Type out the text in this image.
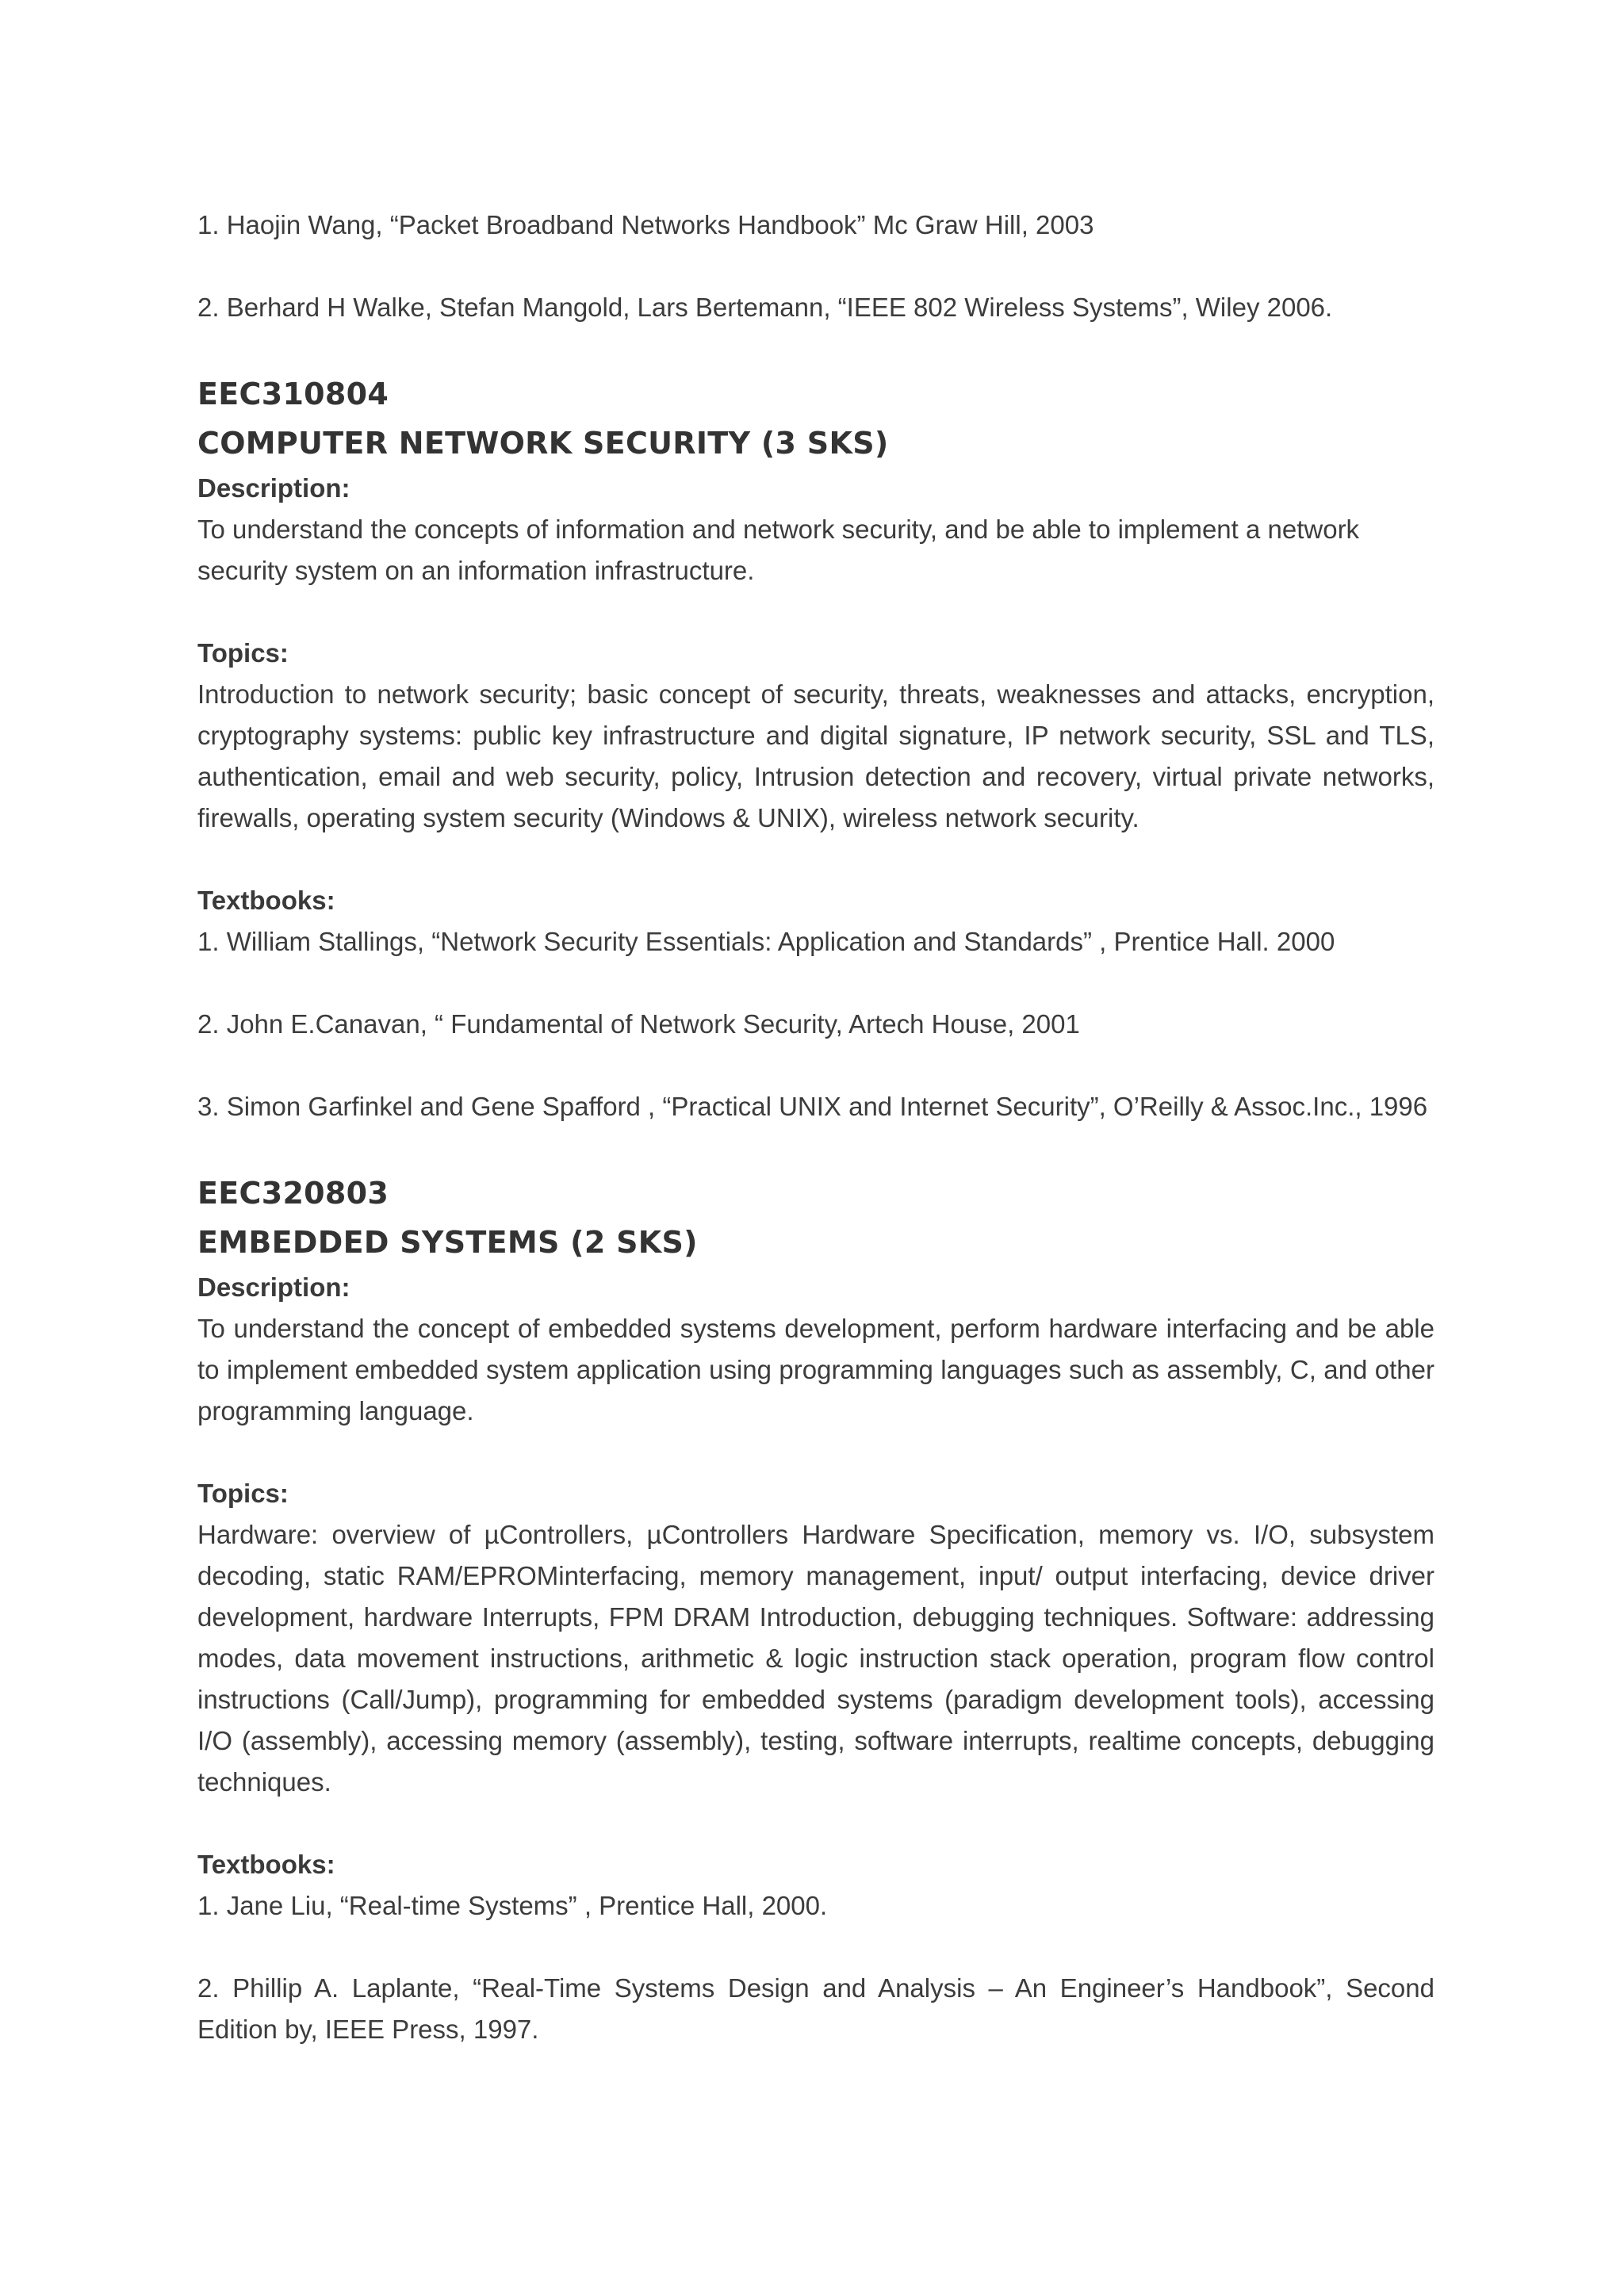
1. Haojin Wang, “Packet Broadband Networks Handbook” Mc Graw Hill, 2003

2. Berhard H Walke, Stefan Mangold, Lars Bertemann, “IEEE 802 Wireless Systems”, Wiley 2006.

EEC310804
COMPUTER NETWORK SECURITY (3 SKS)

Description:

To understand the concepts of information and network security, and be able to implement a network security system on an information infrastructure.

Topics:

Introduction to network security; basic concept of security, threats, weaknesses and attacks, encryption, cryptography systems: public key infrastructure and digital signature, IP network security, SSL and TLS, authentication, email and web security, policy, Intrusion detection and recovery, virtual private networks, firewalls, operating system security (Windows & UNIX), wireless network security.

Textbooks:

1. William Stallings, “Network Security Essentials: Application and Standards” , Prentice Hall. 2000

2. John E.Canavan, “ Fundamental of Network Security, Artech House, 2001

3. Simon Garfinkel and Gene Spafford , “Practical UNIX and Internet Security”, O’Reilly & Assoc.Inc., 1996

EEC320803
EMBEDDED SYSTEMS (2 SKS)

Description:

To understand the concept of embedded systems development, perform hardware interfacing and be able to implement embedded system application using programming languages such as assembly, C, and other programming language.

Topics:

Hardware: overview of µControllers, µControllers Hardware Specification, memory vs. I/O, subsystem decoding, static RAM/EPROMinterfacing, memory management, input/ output interfacing, device driver development, hardware Interrupts, FPM DRAM Introduction, debugging techniques. Software: addressing modes, data movement instructions, arithmetic & logic instruction stack operation, program flow control instructions (Call/Jump), programming for embedded systems (paradigm development tools), accessing I/O (assembly), accessing memory (assembly), testing, software interrupts, realtime concepts, debugging techniques.

Textbooks:

1. Jane Liu, “Real-time Systems” , Prentice Hall, 2000.

2. Phillip A. Laplante, “Real-Time Systems Design and Analysis – An Engineer’s Handbook”, Second Edition by, IEEE Press, 1997.
